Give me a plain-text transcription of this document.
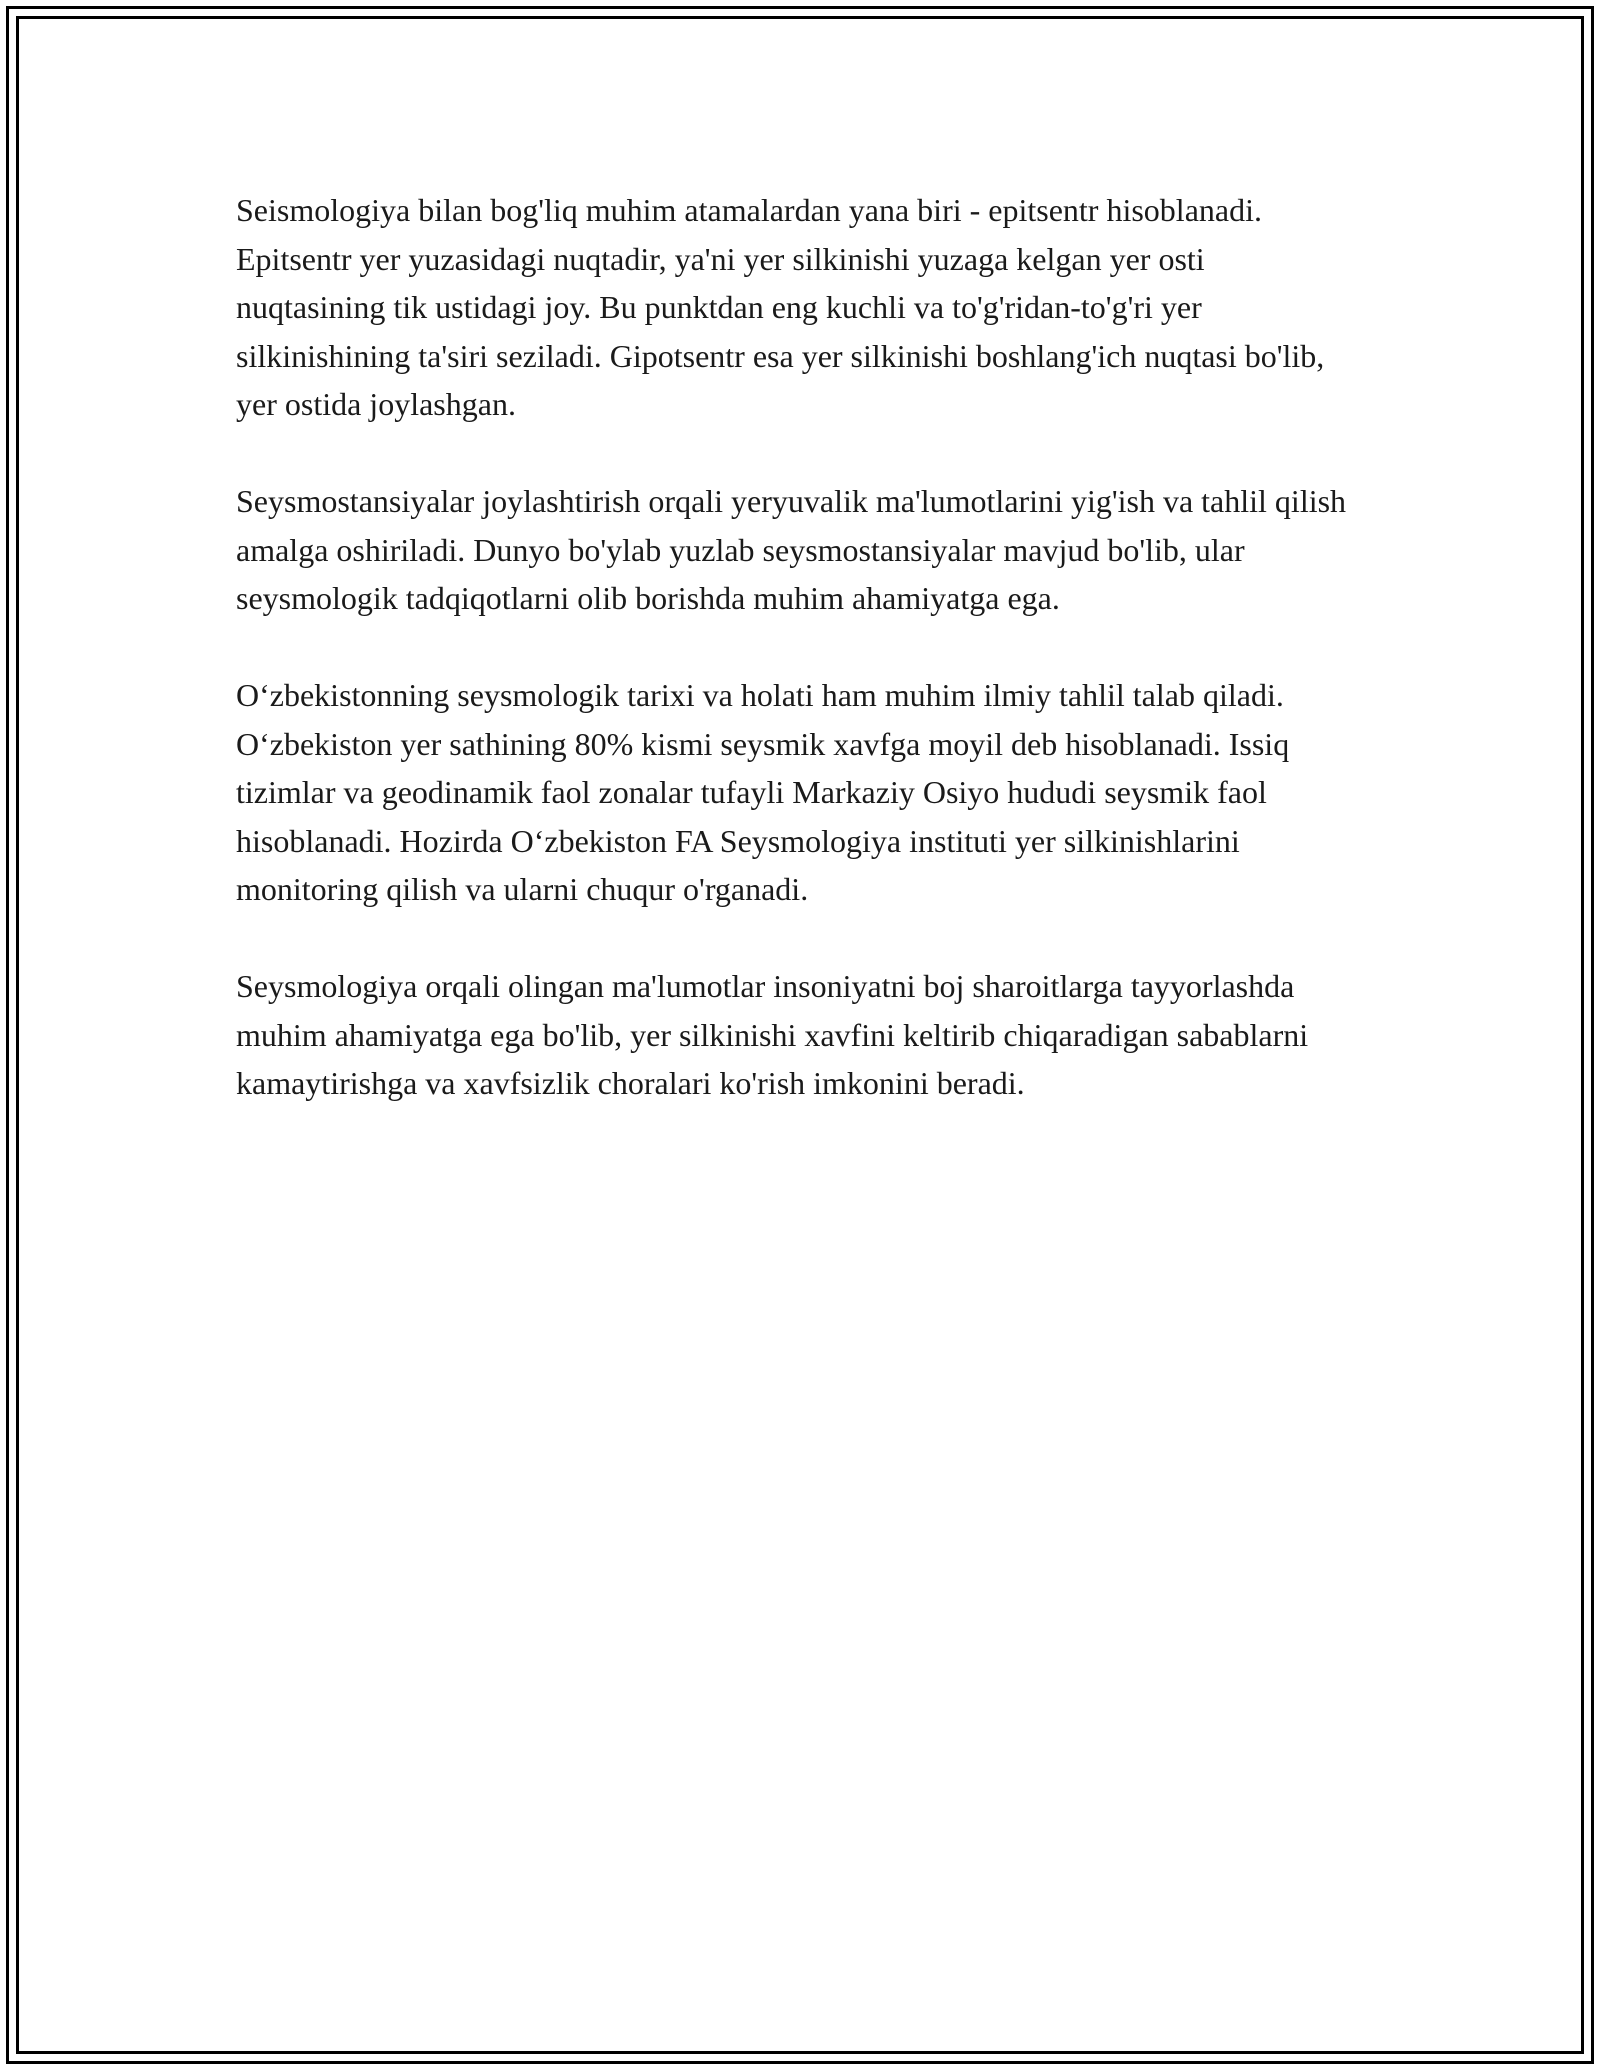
Seismologiya bilan bog'liq muhim atamalardan yana biri - epitsentr hisoblanadi. Epitsentr yer yuzasidagi nuqtadir, ya'ni yer silkinishi yuzaga kelgan yer osti nuqtasining tik ustidagi joy. Bu punktdan eng kuchli va to'g'ridan-to'g'ri yer silkinishining ta'siri seziladi. Gipotsentr esa yer silkinishi boshlang'ich nuqtasi bo'lib, yer ostida joylashgan.

Seysmostansiyalar joylashtirish orqali yeryuvalik ma'lumotlarini yig'ish va tahlil qilish amalga oshiriladi. Dunyo bo'ylab yuzlab seysmostansiyalar mavjud bo'lib, ular seysmologik tadqiqotlarni olib borishda muhim ahamiyatga ega.

O‘zbekistonning seysmologik tarixi va holati ham muhim ilmiy tahlil talab qiladi. O‘zbekiston yer sathining 80% kismi seysmik xavfga moyil deb hisoblanadi. Issiq tizimlar va geodinamik faol zonalar tufayli Markaziy Osiyo hududi seysmik faol hisoblanadi. Hozirda O‘zbekiston FA Seysmologiya instituti yer silkinishlarini monitoring qilish va ularni chuqur o'rganadi.

Seysmologiya orqali olingan ma'lumotlar insoniyatni boj sharoitlarga tayyorlashda muhim ahamiyatga ega bo'lib, yer silkinishi xavfini keltirib chiqaradigan sabablarni kamaytirishga va xavfsizlik choralari ko'rish imkonini beradi.
